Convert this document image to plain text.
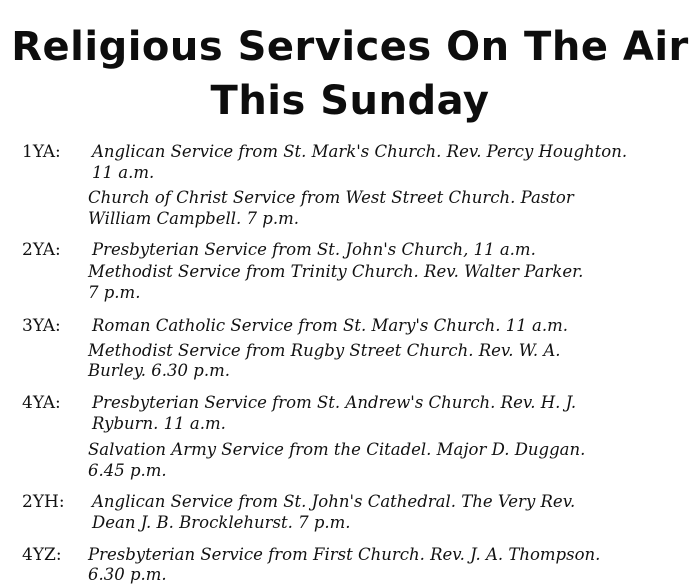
Religious Services On The Air
This Sunday
1YA: Anglican Service from St. Mark's Church. Rev. Percy Houghton.
11 a.m.
Church of Christ Service from West Street Church. Pastor
William Campbell. 7 p.m.
2YA: Presbyterian Service from St. John's Church, 11 a.m.
Methodist Service from Trinity Church. Rev. Walter Parker.
7 p.m.
3YA: Roman Catholic Service from St. Mary's Church. 11 a.m.
Methodist Service from Rugby Street Church. Rev. W. A.
Burley. 6.30 p.m.
4YA: Presbyterian Service from St. Andrew's Church. Rev. H. J.
Ryburn. 11 a.m.
Salvation Army Service from the Citadel. Major D. Duggan.
6.45 p.m.
2YH: Anglican Service from St. John's Cathedral. The Very Rev.
Dean J. B. Brocklehurst. 7 p.m.
4YZ: Presbyterian Service from First Church. Rev. J. A. Thompson.
6.30 p.m.
